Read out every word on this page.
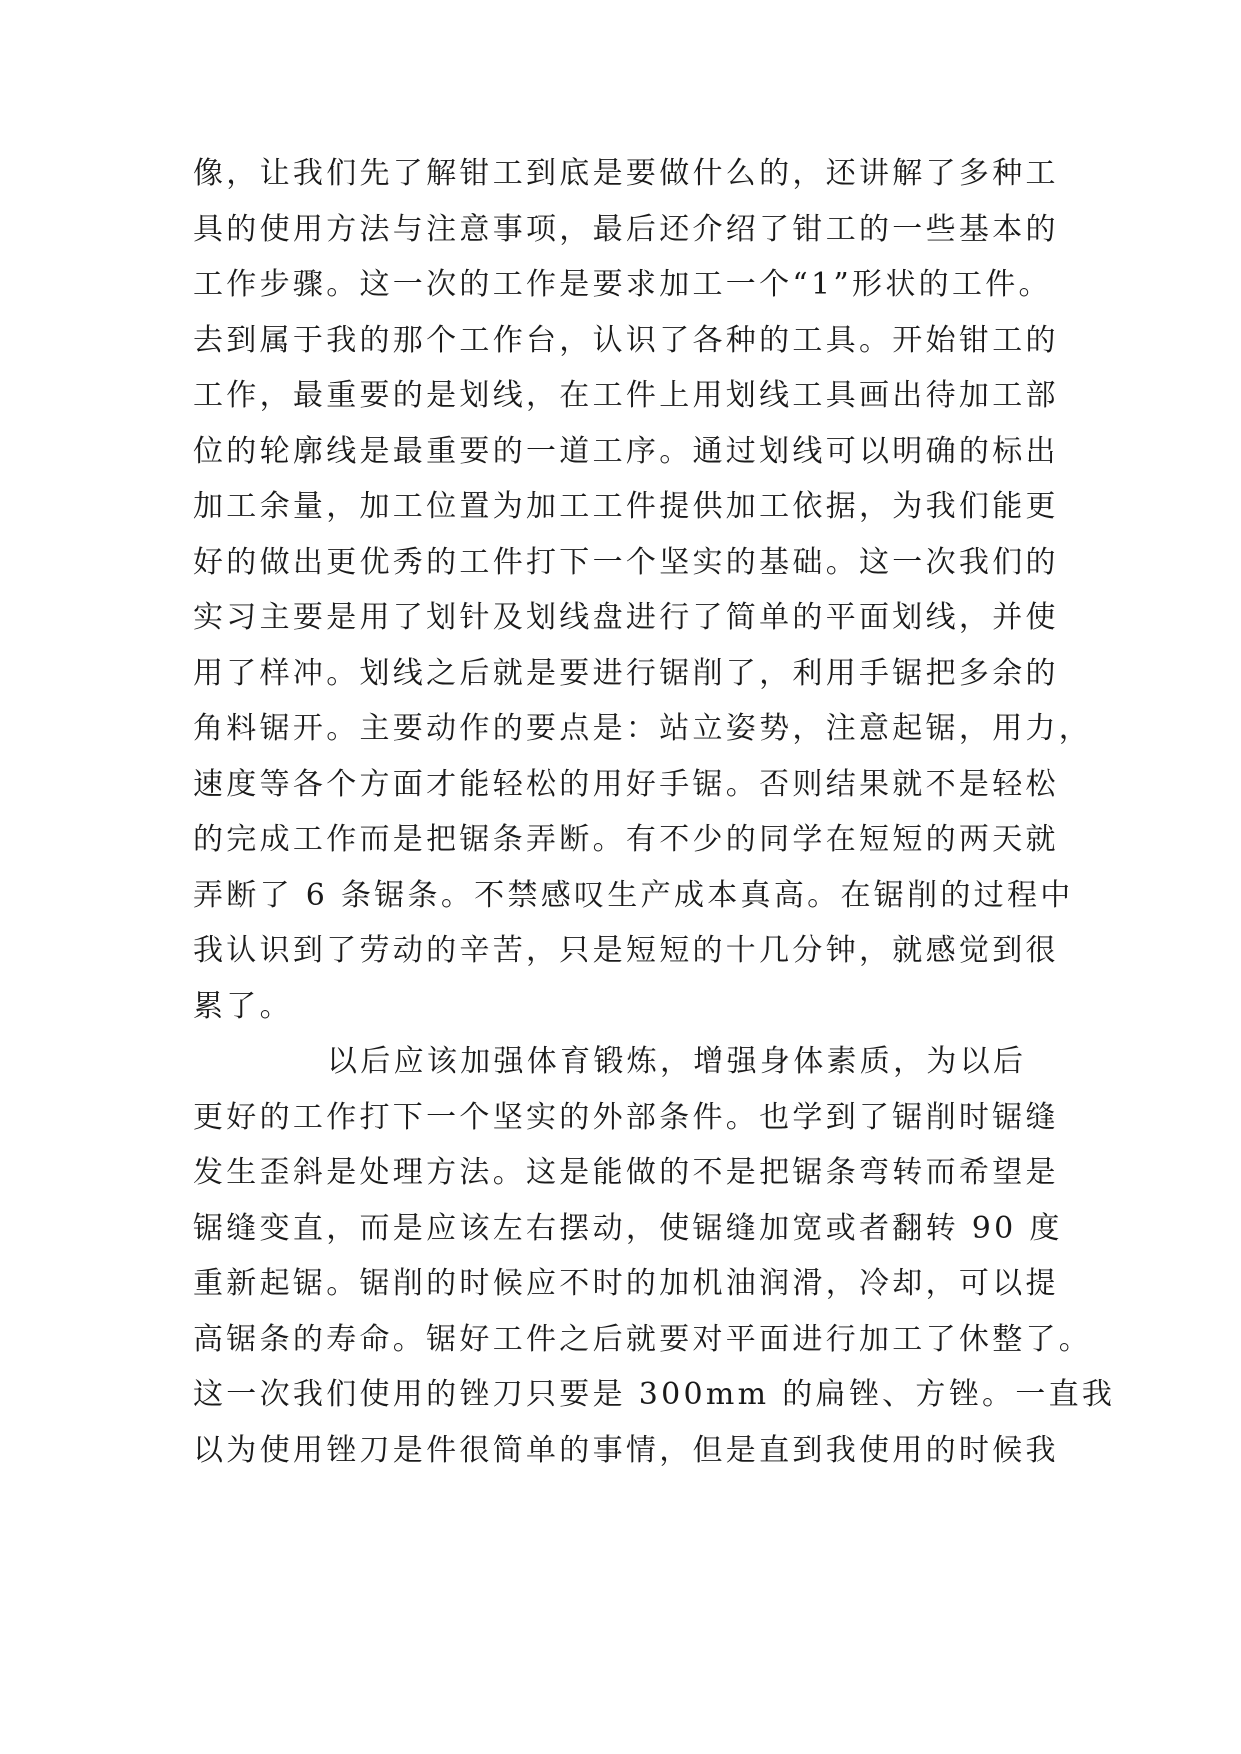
像，让我们先了解钳工到底是要做什么的，还讲解了多种工
具的使用方法与注意事项，最后还介绍了钳工的一些基本的
工作步骤。这一次的工作是要求加工一个“1”形状的工件。
去到属于我的那个工作台，认识了各种的工具。开始钳工的
工作，最重要的是划线，在工件上用划线工具画出待加工部
位的轮廓线是最重要的一道工序。通过划线可以明确的标出
加工余量，加工位置为加工工件提供加工依据，为我们能更
好的做出更优秀的工件打下一个坚实的基础。这一次我们的
实习主要是用了划针及划线盘进行了简单的平面划线，并使
用了样冲。划线之后就是要进行锯削了，利用手锯把多余的
角料锯开。主要动作的要点是：站立姿势，注意起锯，用力，
速度等各个方面才能轻松的用好手锯。否则结果就不是轻松
的完成工作而是把锯条弄断。有不少的同学在短短的两天就
弄断了 6 条锯条。不禁感叹生产成本真高。在锯削的过程中
我认识到了劳动的辛苦，只是短短的十几分钟，就感觉到很
累了。
以后应该加强体育锻炼，增强身体素质，为以后
更好的工作打下一个坚实的外部条件。也学到了锯削时锯缝
发生歪斜是处理方法。这是能做的不是把锯条弯转而希望是
锯缝变直，而是应该左右摆动，使锯缝加宽或者翻转 90 度
重新起锯。锯削的时候应不时的加机油润滑，冷却，可以提
高锯条的寿命。锯好工件之后就要对平面进行加工了休整了。
这一次我们使用的锉刀只要是 300mm 的扁锉、方锉。一直我
以为使用锉刀是件很简单的事情，但是直到我使用的时候我
